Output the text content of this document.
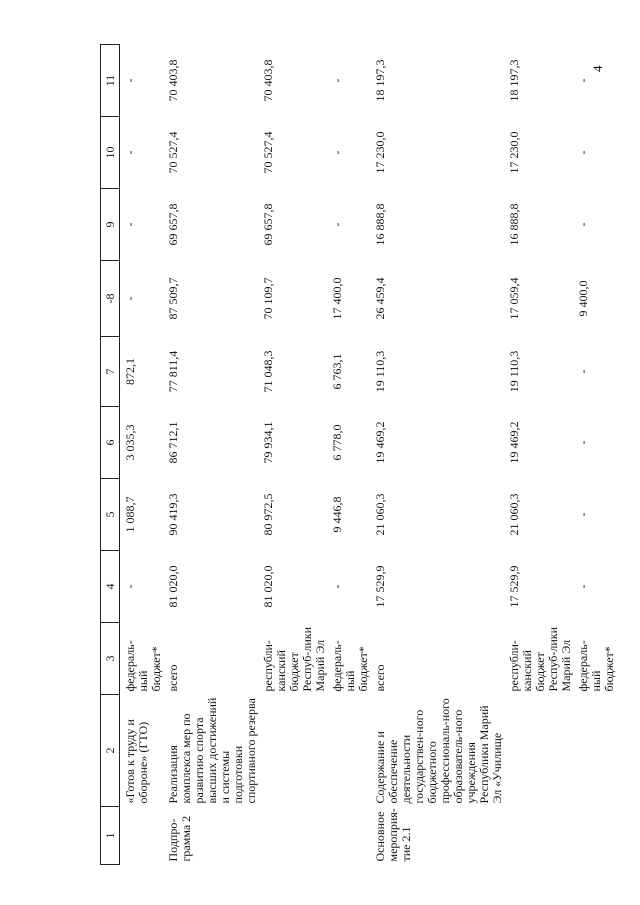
4
1	2	3	4	5	6	7	-8	9	10	11
	«Готов к труду и обороне» (ГТО)	федераль-ный бюджет*	-	1 088,7	3 035,3	872,1	-	-	-	-
Подпро-грамма 2	Реализация комплекса мер по развитию спорта высших достижений и системы подготовки спортивного резерва	всего	81 020,0	90 419,3	86 712,1	77 811,4	87 509,7	69 657,8	70 527,4	70 403,8
		республи-канский бюджет Респуб-лики Марий Эл	81 020,0	80 972,5	79 934,1	71 048,3	70 109,7	69 657,8	70 527,4	70 403,8
		федераль-ный бюджет*	-	9 446,8	6 778,0	6 763,1	17 400,0	-	-	-
Основное мероприя-тие 2.1	Содержание и обеспечение деятельности государствен-ного бюджетного профессиональ-ного образователь-ного учреждения Республики Марий Эл «Училище	всего	17 529,9	21 060,3	19 469,2	19 110,3	26 459,4	16 888,8	17 230,0	18 197,3
		республи-канский бюджет Респуб-лики Марий Эл	17 529,9	21 060,3	19 469,2	19 110,3	17 059,4	16 888,8	17 230,0	18 197,3
		федераль-ный бюджет*	-	-	-	-	9 400,0	-	-	-
